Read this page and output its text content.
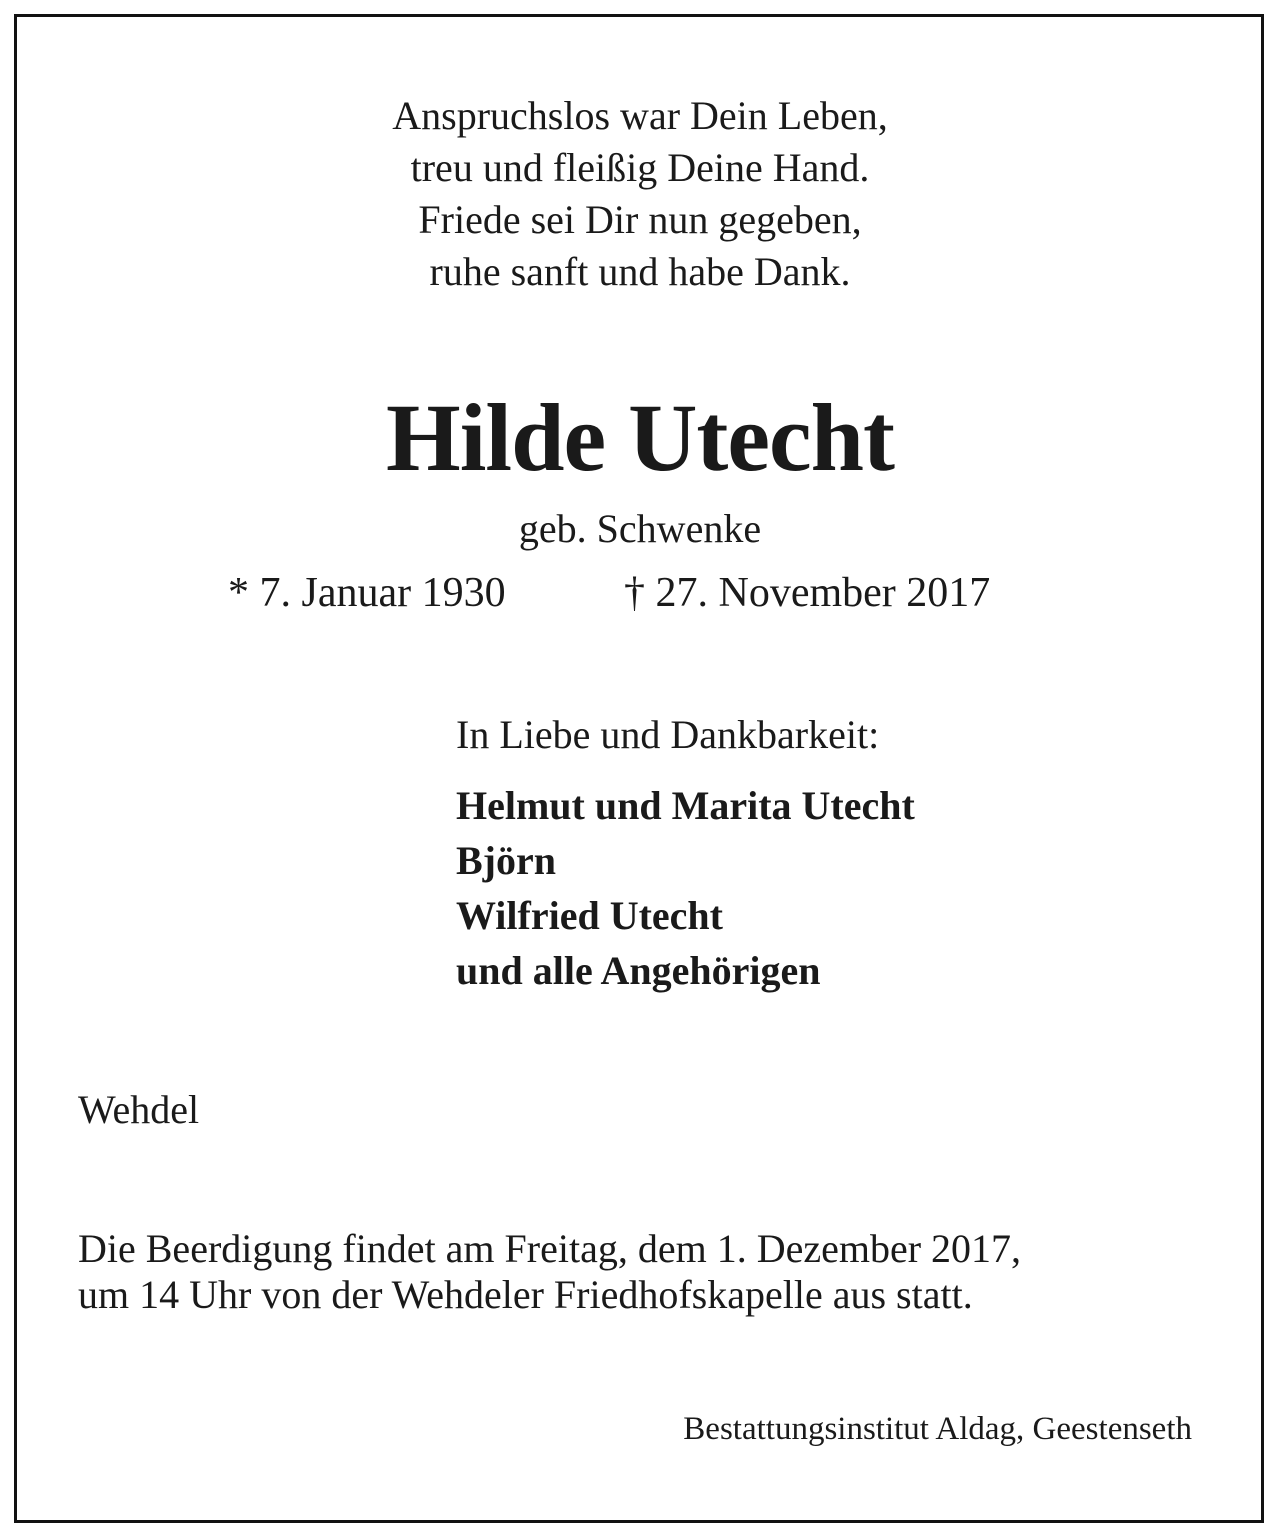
Anspruchslos war Dein Leben,
treu und fleißig Deine Hand.
Friede sei Dir nun gegeben,
ruhe sanft und habe Dank.
Hilde Utecht
geb. Schwenke
* 7. Januar 1930	† 27. November 2017
In Liebe und Dankbarkeit:
Helmut und Marita Utecht
Björn
Wilfried Utecht
und alle Angehörigen
Wehdel
Die Beerdigung findet am Freitag, dem 1. Dezember 2017,
um 14 Uhr von der Wehdeler Friedhofskapelle aus statt.
Bestattungsinstitut Aldag, Geestenseth
